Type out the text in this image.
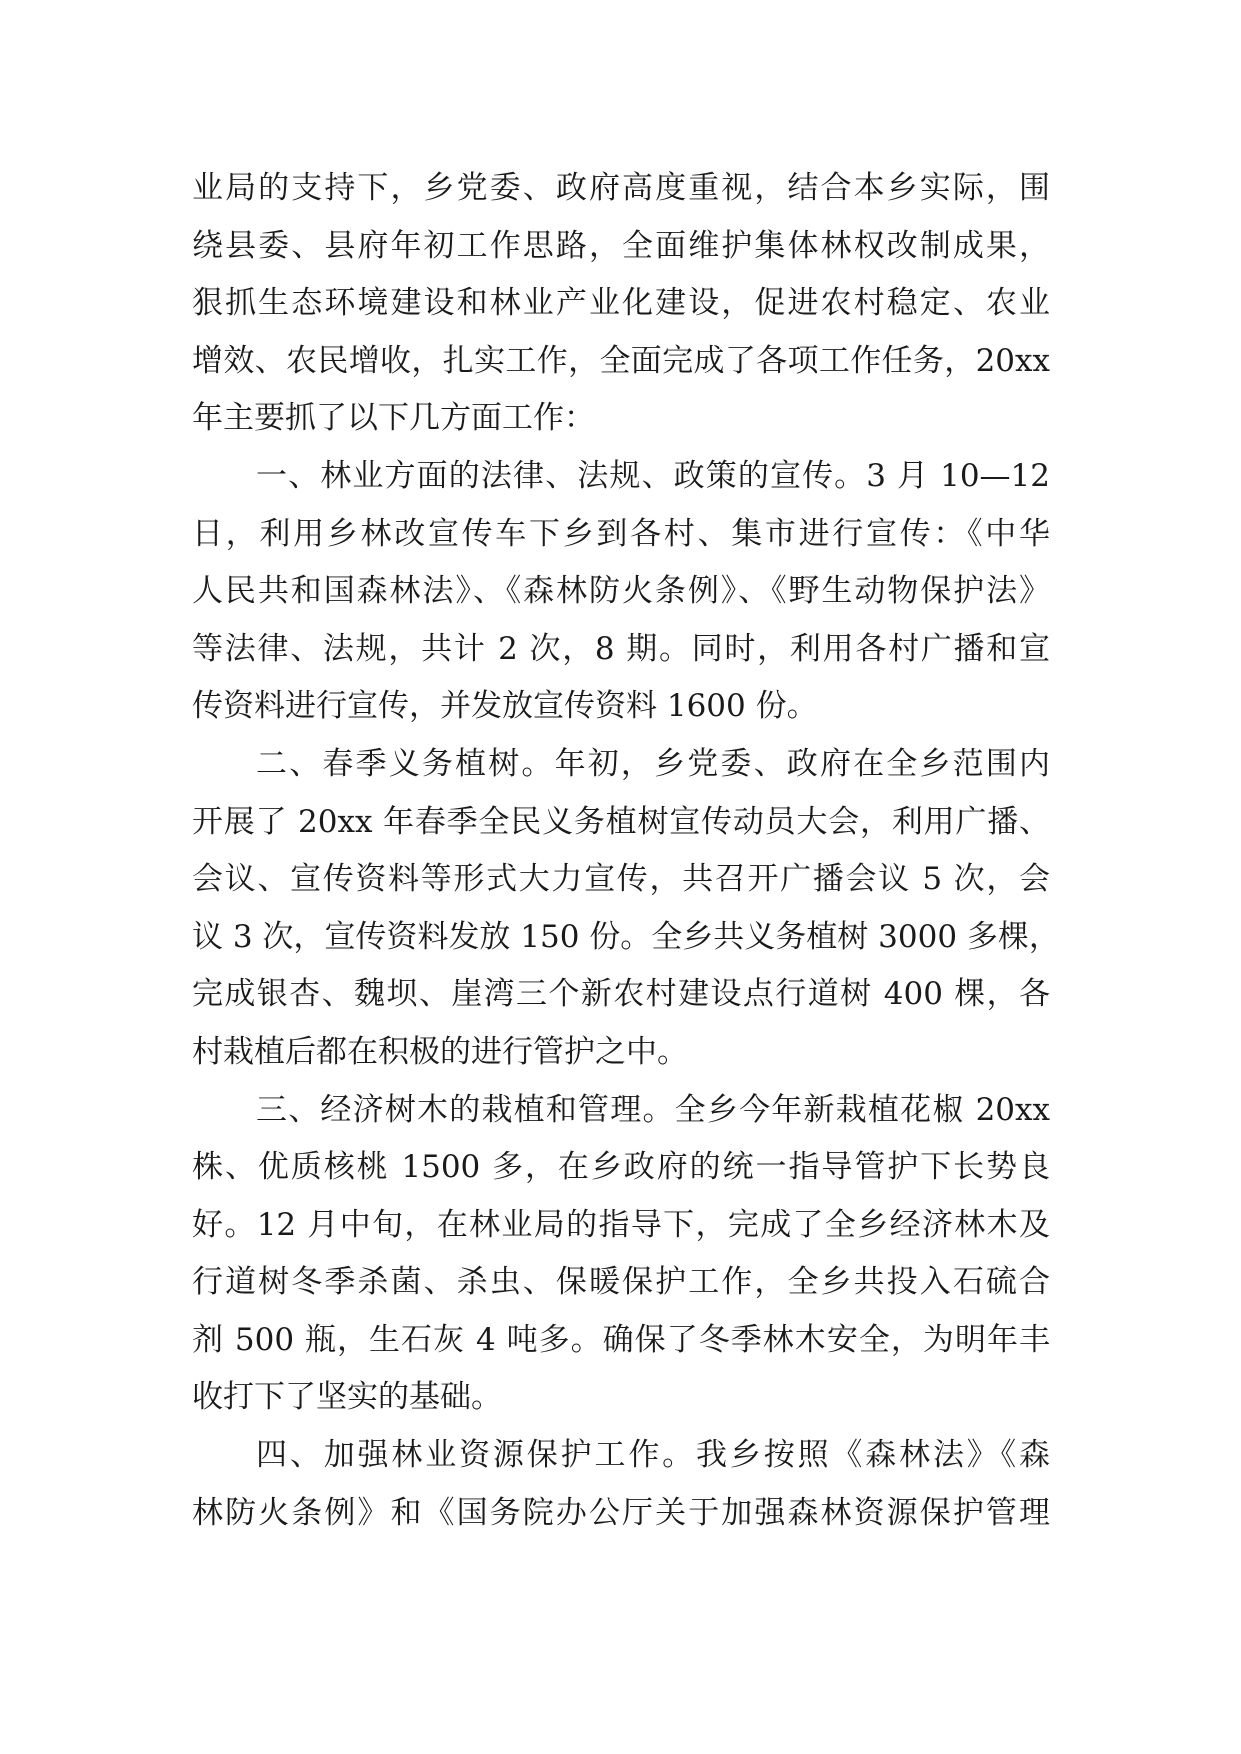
业局的支持下，乡党委、政府高度重视，结合本乡实际，围
绕县委、县府年初工作思路，全面维护集体林权改制成果，
狠抓生态环境建设和林业产业化建设，促进农村稳定、农业
增效、农民增收，扎实工作，全面完成了各项工作任务，20xx
年主要抓了以下几方面工作：
一、林业方面的法律、法规、政策的宣传。3 月 10—12
日，利用乡林改宣传车下乡到各村、集市进行宣传：《中华
人民共和国森林法》、《森林防火条例》、《野生动物保护法》
等法律、法规，共计 2 次，8 期。同时，利用各村广播和宣
传资料进行宣传，并发放宣传资料 1600 份。
二、春季义务植树。年初，乡党委、政府在全乡范围内
开展了 20xx 年春季全民义务植树宣传动员大会，利用广播、
会议、宣传资料等形式大力宣传，共召开广播会议 5 次，会
议 3 次，宣传资料发放 150 份。全乡共义务植树 3000 多棵，
完成银杏、魏坝、崖湾三个新农村建设点行道树 400 棵，各
村栽植后都在积极的进行管护之中。
三、经济树木的栽植和管理。全乡今年新栽植花椒 20xx
株、优质核桃 1500 多，在乡政府的统一指导管护下长势良
好。12 月中旬，在林业局的指导下，完成了全乡经济林木及
行道树冬季杀菌、杀虫、保暖保护工作，全乡共投入石硫合
剂 500 瓶，生石灰 4 吨多。确保了冬季林木安全，为明年丰
收打下了坚实的基础。
四、加强林业资源保护工作。我乡按照《森林法》《森
林防火条例》和《国务院办公厅关于加强森林资源保护管理
